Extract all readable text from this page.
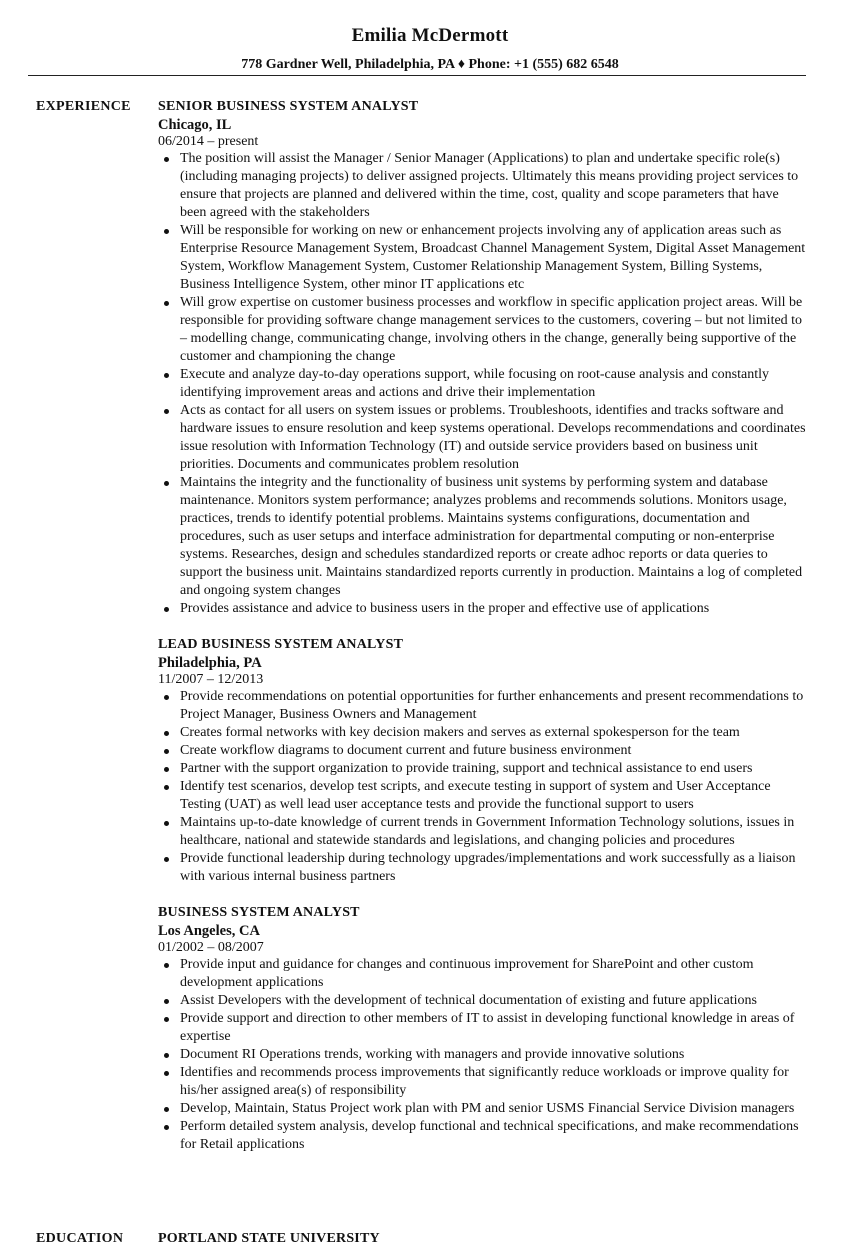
Emilia McDermott
778 Gardner Well, Philadelphia, PA ♦ Phone: +1 (555) 682 6548
EXPERIENCE SENIOR BUSINESS SYSTEM ANALYST
Chicago, IL
06/2014 – present
The position will assist the Manager / Senior Manager (Applications) to plan and undertake specific role(s) (including managing projects) to deliver assigned projects. Ultimately this means providing project services to ensure that projects are planned and delivered within the time, cost, quality and scope parameters that have been agreed with the stakeholders
Will be responsible for working on new or enhancement projects involving any of application areas such as Enterprise Resource Management System, Broadcast Channel Management System, Digital Asset Management System, Workflow Management System, Customer Relationship Management System, Billing Systems, Business Intelligence System, other minor IT applications etc
Will grow expertise on customer business processes and workflow in specific application project areas. Will be responsible for providing software change management services to the customers, covering – but not limited to – modelling change, communicating change, involving others in the change, generally being supportive of the customer and championing the change
Execute and analyze day-to-day operations support, while focusing on root-cause analysis and constantly identifying improvement areas and actions and drive their implementation
Acts as contact for all users on system issues or problems. Troubleshoots, identifies and tracks software and hardware issues to ensure resolution and keep systems operational. Develops recommendations and coordinates issue resolution with Information Technology (IT) and outside service providers based on business unit priorities. Documents and communicates problem resolution
Maintains the integrity and the functionality of business unit systems by performing system and database maintenance. Monitors system performance; analyzes problems and recommends solutions. Monitors usage, practices, trends to identify potential problems. Maintains systems configurations, documentation and procedures, such as user setups and interface administration for departmental computing or non-enterprise systems. Researches, design and schedules standardized reports or create adhoc reports or data queries to support the business unit. Maintains standardized reports currently in production. Maintains a log of completed and ongoing system changes
Provides assistance and advice to business users in the proper and effective use of applications
LEAD BUSINESS SYSTEM ANALYST
Philadelphia, PA
11/2007 – 12/2013
Provide recommendations on potential opportunities for further enhancements and present recommendations to Project Manager, Business Owners and Management
Creates formal networks with key decision makers and serves as external spokesperson for the team
Create workflow diagrams to document current and future business environment
Partner with the support organization to provide training, support and technical assistance to end users
Identify test scenarios, develop test scripts, and execute testing in support of system and User Acceptance Testing (UAT) as well lead user acceptance tests and provide the functional support to users
Maintains up-to-date knowledge of current trends in Government Information Technology solutions, issues in healthcare, national and statewide standards and legislations, and changing policies and procedures
Provide functional leadership during technology upgrades/implementations and work successfully as a liaison with various internal business partners
BUSINESS SYSTEM ANALYST
Los Angeles, CA
01/2002 – 08/2007
Provide input and guidance for changes and continuous improvement for SharePoint and other custom development applications
Assist Developers with the development of technical documentation of existing and future applications
Provide support and direction to other members of IT to assist in developing functional knowledge in areas of expertise
Document RI Operations trends, working with managers and provide innovative solutions
Identifies and recommends process improvements that significantly reduce workloads or improve quality for his/her assigned area(s) of responsibility
Develop, Maintain, Status Project work plan with PM and senior USMS Financial Service Division managers
Perform detailed system analysis, develop functional and technical specifications, and make recommendations for Retail applications
EDUCATION PORTLAND STATE UNIVERSITY
